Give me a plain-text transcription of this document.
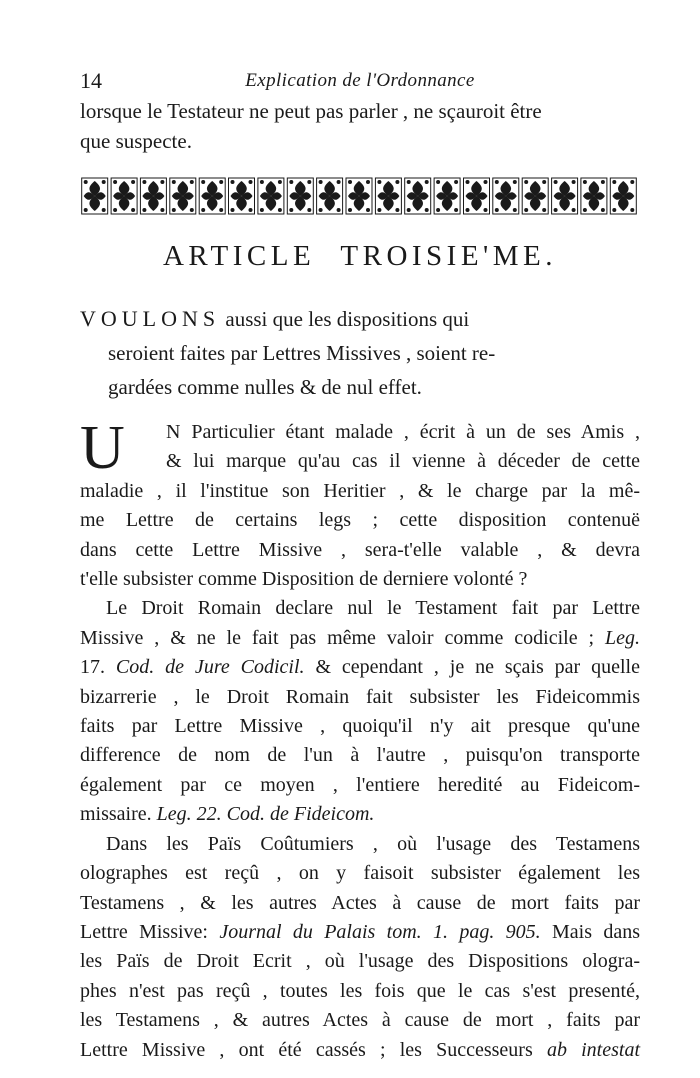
14	Explication de l'Ordonnance
lorsque le Testateur ne peut pas parler , ne sçauroit être
que suspecte.
ARTICLE TROISIE'ME.
VOULONS aussi que les dispositions qui
seroient faites par Lettres Missives , soient re-
gardées comme nulles & de nul effet.
U	N Particulier étant malade , écrit à un de ses Amis ,
& lui marque qu'au cas il vienne à déceder de cette
maladie , il l'institue son Heritier , & le charge par la mê-
me Lettre de certains legs ; cette disposition contenuë
dans cette Lettre Missive , sera-t'elle valable , & devra
t'elle subsister comme Disposition de derniere volonté ?
Le Droit Romain declare nul le Testament fait par Lettre
Missive , & ne le fait pas même valoir comme codicile ; Leg.
17. Cod. de Jure Codicil. & cependant , je ne sçais par quelle
bizarrerie , le Droit Romain fait subsister les Fideicommis
faits par Lettre Missive , quoiqu'il n'y ait presque qu'une
difference de nom de l'un à l'autre , puisqu'on transporte
également par ce moyen , l'entiere heredité au Fideicom-
missaire. Leg. 22. Cod. de Fideicom.
Dans les Païs Coûtumiers , où l'usage des Testamens
olographes est reçû , on y faisoit subsister également les
Testamens , & les autres Actes à cause de mort faits par
Lettre Missive: Journal du Palais tom. 1. pag. 905. Mais dans
les Païs de Droit Ecrit , où l'usage des Dispositions ologra-
phes n'est pas reçû , toutes les fois que le cas s'est presenté,
les Testamens , & autres Actes à cause de mort , faits par
Lettre Missive , ont été cassés ; les Successeurs ab intestat
